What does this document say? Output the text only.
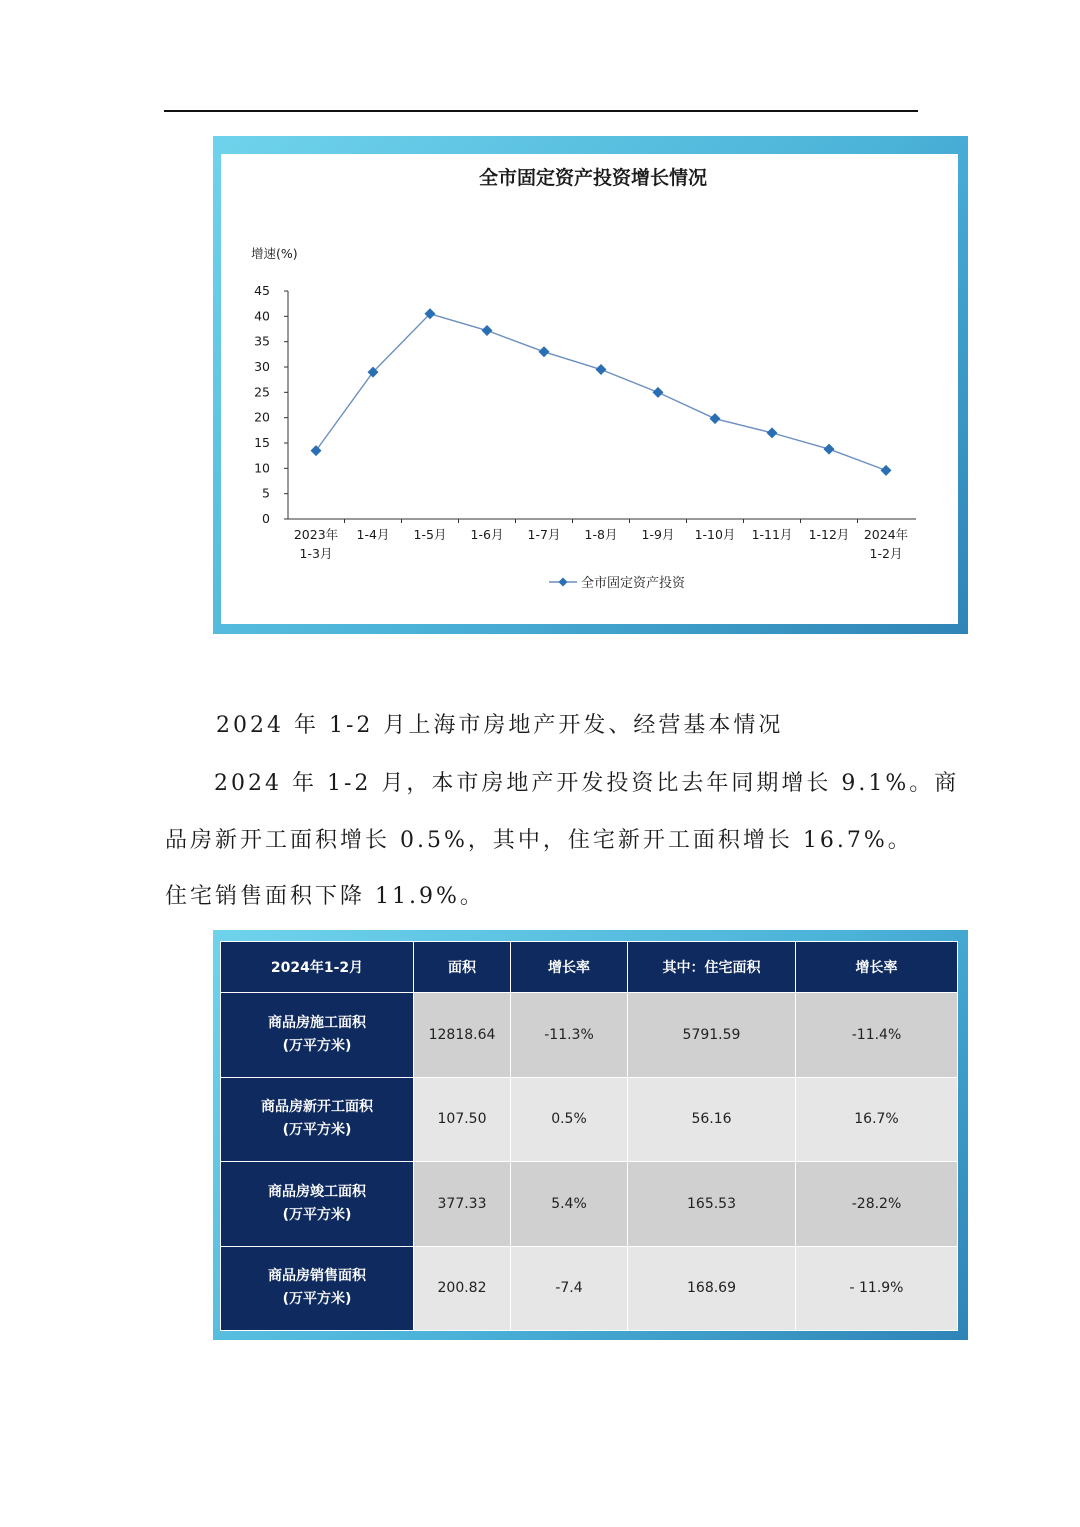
全市固定资产投资增长情况
增速(%)
0
5
10
15
20
25
30
35
40
45
2023年
1-3月
1-4月 1-5月 1-6月 1-7月 1-8月 1-9月 1-10月 1-11月 1-12月 2024年
1-2月
全市固定资产投资
2024 年 1-2 月上海市房地产开发、经营基本情况
2024 年 1-2 月，本市房地产开发投资比去年同期增长 9.1%。商
品房新开工面积增长 0.5%，其中，住宅新开工面积增长 16.7%。
住宅销售面积下降 11.9%。
2024年1-2月	面积	增长率	其中：住宅面积	增长率

商品房施工面积
(万平方米)	12818.64	-11.3%	5791.59	-11.4%

商品房新开工面积
(万平方米)	107.50	0.5%	56.16	16.7%

商品房竣工面积
(万平方米)	377.33	5.4%	165.53	-28.2%

商品房销售面积
(万平方米)	200.82	-7.4	168.69	- 11.9%
